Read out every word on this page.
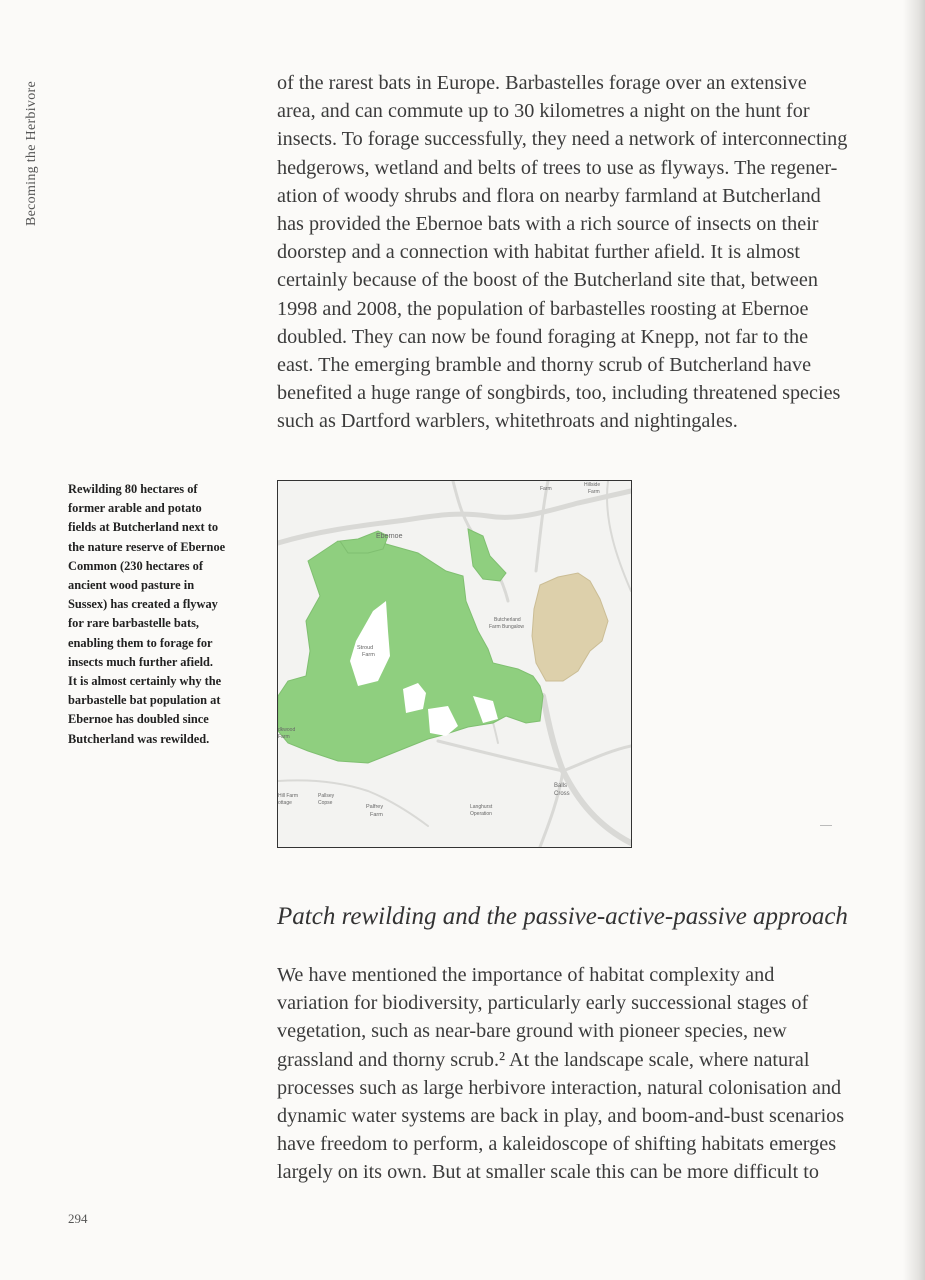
Becoming the Herbivore	of the rarest bats in Europe. Barbastelles forage over an extensive
area, and can commute up to 30 kilometres a night on the hunt for
insects. To forage successfully, they need a network of interconnecting
hedgerows, wetland and belts of trees to use as flyways. The regener-
ation of woody shrubs and flora on nearby farmland at Butcherland
has provided the Ebernoe bats with a rich source of insects on their
doorstep and a connection with habitat further afield. It is almost
certainly because of the boost of the Butcherland site that, between
1998 and 2008, the population of barbastelles roosting at Ebernoe
doubled. They can now be found foraging at Knepp, not far to the
east. The emerging bramble and thorny scrub of Butcherland have
benefited a huge range of songbirds, too, including threatened species
such as Dartford warblers, whitethroats and nightingales.

Rewilding 80 hectares of
former arable and potato
fields at Butcherland next to
the nature reserve of Ebernoe
Common (230 hectares of
ancient wood pasture in
Sussex) has created a flyway
for rare barbastelle bats,
enabling them to forage for
insects much further afield.
It is almost certainly why the
barbastelle bat population at
Ebernoe has doubled since
Butcherland was rewilded.
Ebernoe
Butcherland
Farm Bungalow
Stroud
Farm
Balls
Cross
Palfrey
Farm
Langhurst
Operation
Pallsey
Copse
Hill Farm
ottage
dkwood
Farm
Farm
Hillside
Farm
Patch rewilding and the passive-active-passive approach

We have mentioned the importance of habitat complexity and
variation for biodiversity, particularly early successional stages of
vegetation, such as near-bare ground with pioneer species, new
grassland and thorny scrub.² At the landscape scale, where natural
processes such as large herbivore interaction, natural colonisation and
dynamic water systems are back in play, and boom-and-bust scenarios
have freedom to perform, a kaleidoscope of shifting habitats emerges
largely on its own. But at smaller scale this can be more difficult to

294
